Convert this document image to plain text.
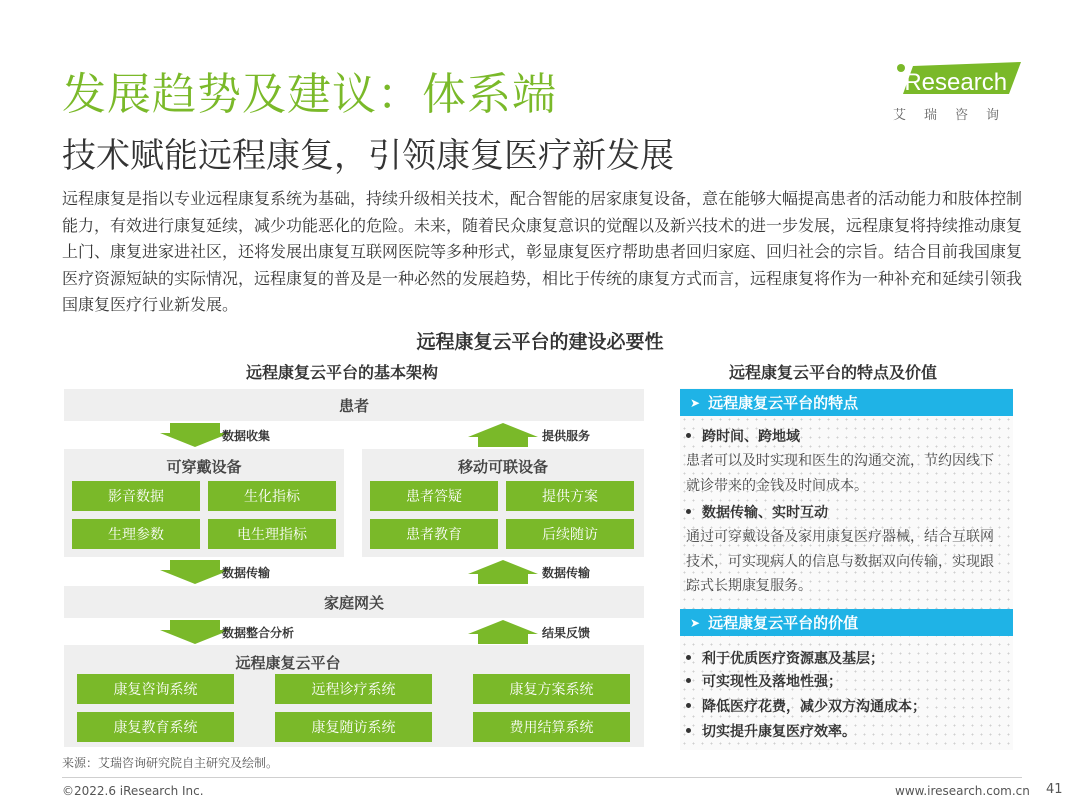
发展趋势及建议：体系端
技术赋能远程康复，引领康复医疗新发展
iResearch
艾瑞咨询
远程康复是指以专业远程康复系统为基础，持续升级相关技术，配合智能的居家康复设备，意在能够大幅提高患者的活动能力和肢体控制能力，有效进行康复延续，减少功能恶化的危险。未来，随着民众康复意识的觉醒以及新兴技术的进一步发展，远程康复将持续推动康复上门、康复进家进社区，还将发展出康复互联网医院等多种形式，彰显康复医疗帮助患者回归家庭、回归社会的宗旨。结合目前我国康复医疗资源短缺的实际情况，远程康复的普及是一种必然的发展趋势，相比于传统的康复方式而言，远程康复将作为一种补充和延续引领我国康复医疗行业新发展。
远程康复云平台的建设必要性
远程康复云平台的基本架构	远程康复云平台的特点及价值
患者
数据收集	提供服务
可穿戴设备
影音数据	生化指标
生理参数	电生理指标
移动可联设备
患者答疑	提供方案
患者教育	后续随访
数据传输	数据传输
家庭网关
数据整合分析	结果反馈
远程康复云平台
康复咨询系统	远程诊疗系统	康复方案系统
康复教育系统	康复随访系统	费用结算系统
➤ 远程康复云平台的特点
跨时间、跨地域
患者可以及时实现和医生的沟通交流，节约因线下就诊带来的金钱及时间成本。
数据传输、实时互动
通过可穿戴设备及家用康复医疗器械，结合互联网技术，可实现病人的信息与数据双向传输，实现跟踪式长期康复服务。
➤ 远程康复云平台的价值
利于优质医疗资源惠及基层；
可实现性及落地性强；
降低医疗花费，减少双方沟通成本；
切实提升康复医疗效率。
来源：艾瑞咨询研究院自主研究及绘制。
©2022.6 iResearch Inc.	www.iresearch.com.cn 41
